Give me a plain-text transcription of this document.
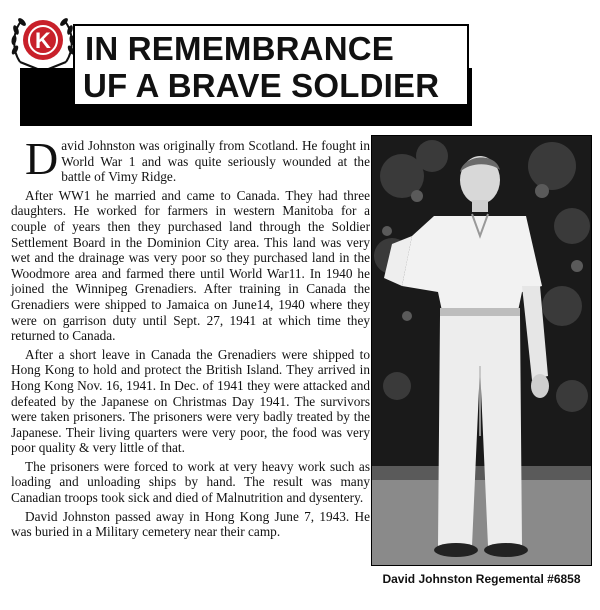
K IN REMEMBRANCE
UF A BRAVE SOLDIER

David Johnston was originally from Scotland. He fought in World War 1 and was quite seriously wounded at the battle of Vimy Ridge.

After WW1 he married and came to Canada. They had three daughters. He worked for farmers in western Manitoba for a couple of years then they purchased land through the Soldier Settlement Board in the Dominion City area. This land was very wet and the drainage was very poor so they purchased land in the Woodmore area and farmed there until World War11. In 1940 he joined the Winnipeg Grenadiers. After training in Canada the Grenadiers were shipped to Jamaica on June14, 1940 where they were on garrison duty until Sept. 27, 1941 at which time they returned to Canada.

After a short leave in Canada the Grenadiers were shipped to Hong Kong to hold and protect the British Island. They arrived in Hong Kong Nov. 16, 1941. In Dec. of 1941 they were attacked and defeated by the Japanese on Christmas Day 1941. The survivors were taken prisoners. The prisoners were very badly treated by the Japanese. Their living quarters were very poor, the food was very poor quality & very little of that.

The prisoners were forced to work at very heavy work such as loading and unloading ships by hand. The result was many Canadian troops took sick and died of Malnutrition and dysentery.

David Johnston passed away in Hong Kong June 7, 1943. He was buried in a Military cemetery near their camp.

David Johnston Regemental #6858
